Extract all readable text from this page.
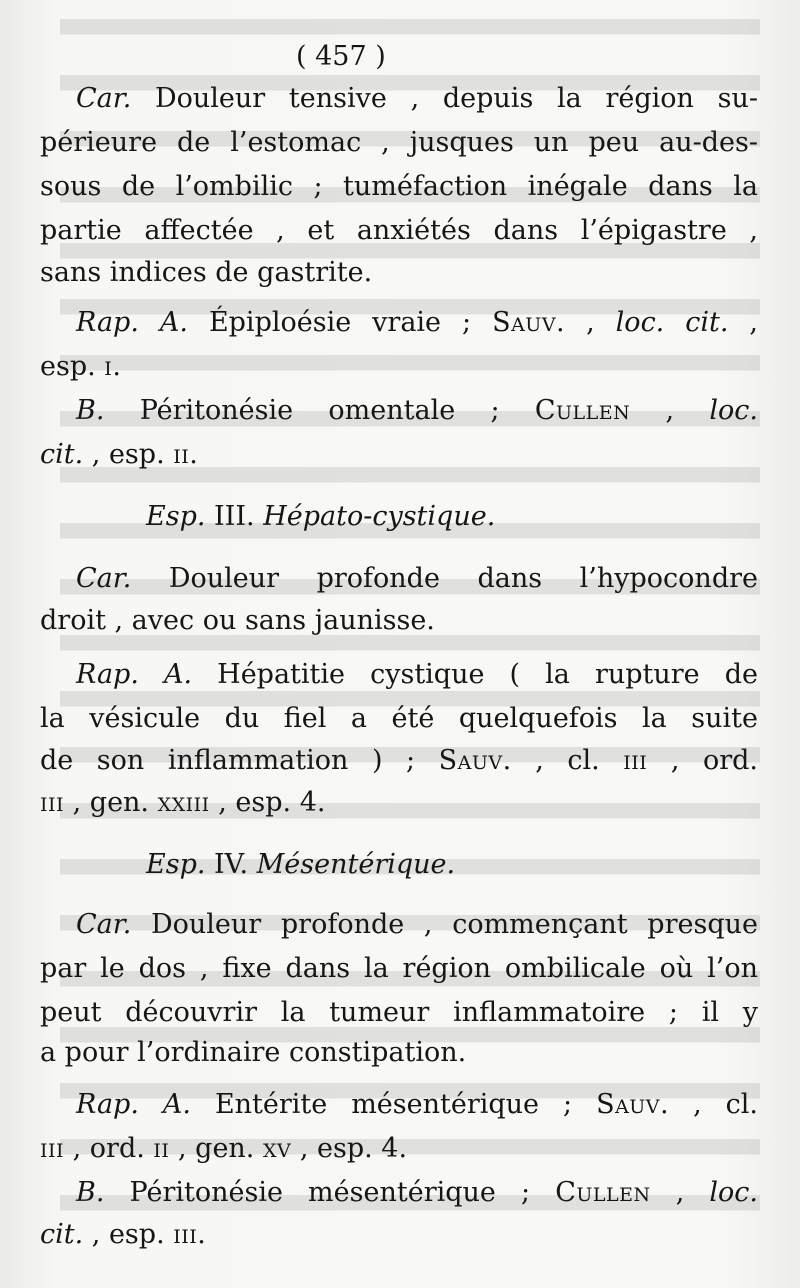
( 457 )
Car. Douleur tensive , depuis la région su-
périeure de l’estomac , jusques un peu au-des-
sous de l’ombilic ; tuméfaction inégale dans la
partie affectée , et anxiétés dans l’épigastre ,
sans indices de gastrite.
Rap. A. Épiploésie vraie ; Sauv. , loc. cit. ,
esp. i.
B. Péritonésie omentale ; Cullen , loc.
cit. , esp. ii.
Esp. III. Hépato-cystique.
Car. Douleur profonde dans l’hypocondre
droit , avec ou sans jaunisse.
Rap. A. Hépatitie cystique ( la rupture de
la vésicule du fiel a été quelquefois la suite
de son inflammation ) ; Sauv. , cl. iii , ord.
iii , gen. xxiii , esp. 4.
Esp. IV. Mésentérique.
Car. Douleur profonde , commençant presque
par le dos , fixe dans la région ombilicale où l’on
peut découvrir la tumeur inflammatoire ; il y
a pour l’ordinaire constipation.
Rap. A. Entérite mésentérique ; Sauv. , cl.
iii , ord. ii , gen. xv , esp. 4.
B. Péritonésie mésentérique ; Cullen , loc.
cit. , esp. iii.
